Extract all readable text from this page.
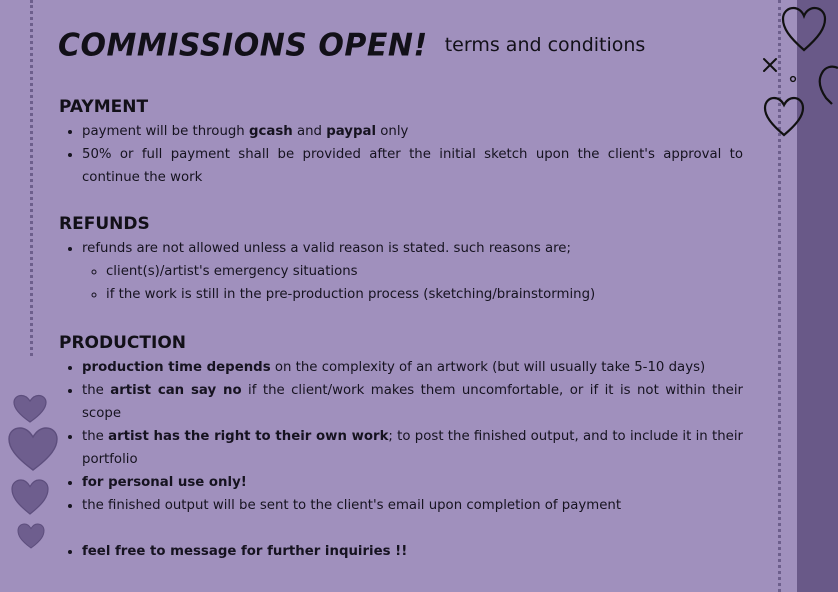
COMMISSIONS OPEN! terms and conditions
PAYMENT
• payment will be through gcash and paypal only
• 50% or full payment shall be provided after the initial sketch upon the client's approval to continue the work
REFUNDS
• refunds are not allowed unless a valid reason is stated. such reasons are;
◦ client(s)/artist's emergency situations
◦ if the work is still in the pre-production process (sketching/brainstorming)
PRODUCTION
• production time depends on the complexity of an artwork (but will usually take 5-10 days)
• the artist can say no if the client/work makes them uncomfortable, or if it is not within their scope
• the artist has the right to their own work; to post the finished output, and to include it in their portfolio
• for personal use only!
• the finished output will be sent to the client's email upon completion of payment
• feel free to message for further inquiries !!
